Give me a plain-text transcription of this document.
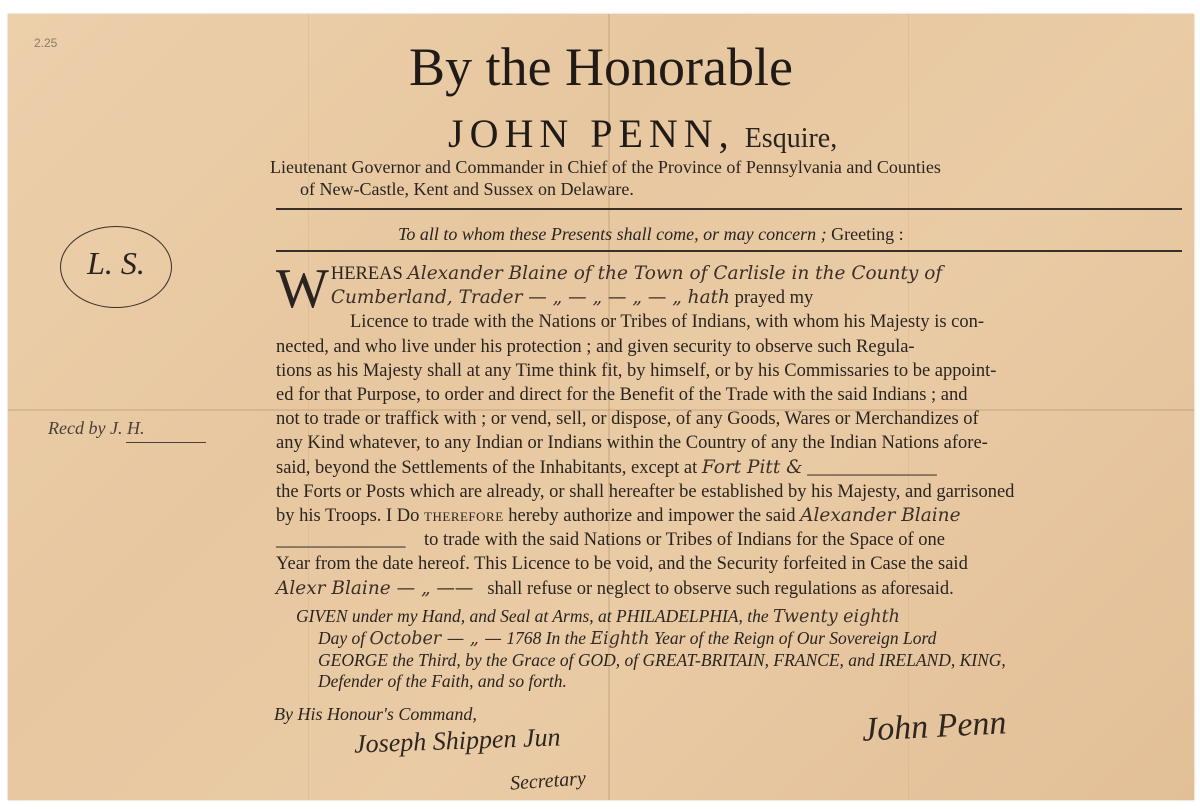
2.25	By the Honorable
JOHN PENN, Esquire,
Lieutenant Governor and Commander in Chief of the Province of Pennsylvania and Counties
of New-Castle, Kent and Sussex on Delaware.
To all to whom these Presents shall come, or may concern ; Greeting :
L. S.
Recd by J. H.
W HEREAS Alexander Blaine of the Town of Carlisle in the County of
Cumberland, Trader — „ — „ — „ — „ hath prayed my
Licence to trade with the Nations or Tribes of Indians, with whom his Majesty is con-
nected, and who live under his protection ; and given security to observe such Regula-
tions as his Majesty shall at any Time think fit, by himself, or by his Commissaries to be appoint-
ed for that Purpose, to order and direct for the Benefit of the Trade with the said Indians ; and
not to trade or traffick with ; or vend, sell, or dispose, of any Goods, Wares or Merchandizes of
any Kind whatever, to any Indian or Indians within the Country of any the Indian Nations afore-
said, beyond the Settlements of the Inhabitants, except at Fort Pitt & ______________
the Forts or Posts which are already, or shall hereafter be established by his Majesty, and garrisoned
by his Troops. I Do therefore hereby authorize and impower the said Alexander Blaine
______________ to trade with the said Nations or Tribes of Indians for the Space of one
Year from the date hereof. This Licence to be void, and the Security forfeited in Case the said
Alexr Blaine — „ —— shall refuse or neglect to observe such regulations as aforesaid.
GIVEN under my Hand, and Seal at Arms, at PHILADELPHIA, the Twenty eighth
Day of October — „ — 1768 In the Eighth Year of the Reign of Our Sovereign Lord
GEORGE the Third, by the Grace of GOD, of GREAT-BRITAIN, FRANCE, and IRELAND, KING,
Defender of the Faith, and so forth.
By His Honour's Command,
Joseph Shippen Jun
Secretary
John Penn
